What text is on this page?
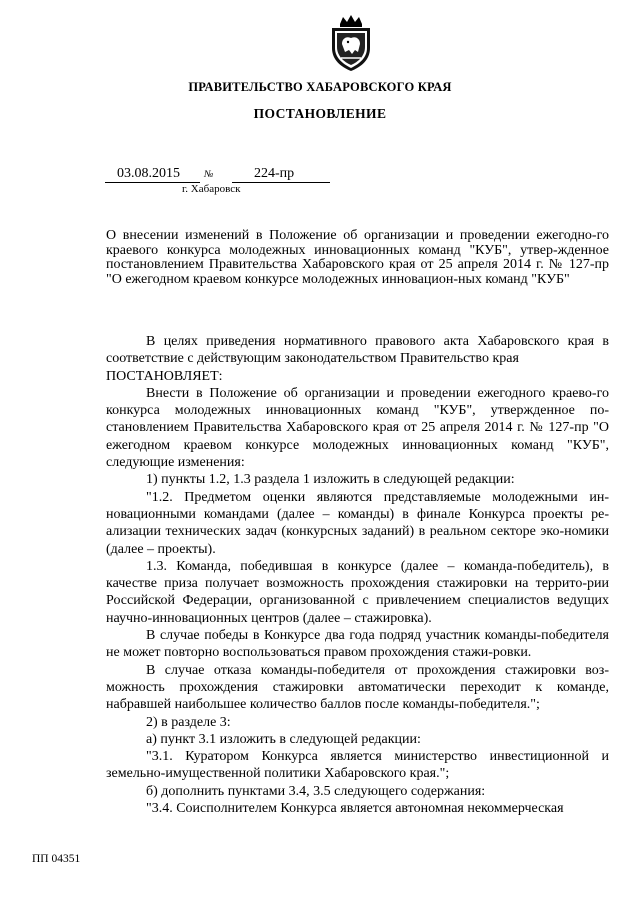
ПРАВИТЕЛЬСТВО ХАБАРОВСКОГО КРАЯ
ПОСТАНОВЛЕНИЕ
03.08.2015	№	224-пр
г. Хабаровск
О внесении изменений в Положение об организации и проведении ежегодно-го краевого конкурса молодежных инновационных команд "КУБ", утвер-жденное постановлением Правительства Хабаровского края от 25 апреля 2014 г. № 127-пр "О ежегодном краевом конкурсе молодежных инновацион-ных команд "КУБ"

В целях приведения нормативного правового акта Хабаровского края в соответствие с действующим законодательством Правительство края

ПОСТАНОВЛЯЕТ:

Внести в Положение об организации и проведении ежегодного краево-го конкурса молодежных инновационных команд "КУБ", утвержденное по-становлением Правительства Хабаровского края от 25 апреля 2014 г. № 127-пр "О ежегодном краевом конкурсе молодежных инновационных команд "КУБ", следующие изменения:

1) пункты 1.2, 1.3 раздела 1 изложить в следующей редакции:

"1.2. Предметом оценки являются представляемые молодежными ин-новационными командами (далее – команды) в финале Конкурса проекты ре-ализации технических задач (конкурсных заданий) в реальном секторе эко-номики (далее – проекты).

1.3. Команда, победившая в конкурсе (далее – команда-победитель), в качестве приза получает возможность прохождения стажировки на террито-рии Российской Федерации, организованной с привлечением специалистов ведущих научно-инновационных центров (далее – стажировка).

В случае победы в Конкурсе два года подряд участник команды-победителя не может повторно воспользоваться правом прохождения стажи-ровки.

В случае отказа команды-победителя от прохождения стажировки воз-можность прохождения стажировки автоматически переходит к команде, набравшей наибольшее количество баллов после команды-победителя.";

2) в разделе 3:

а) пункт 3.1 изложить в следующей редакции:

"3.1. Куратором Конкурса является министерство инвестиционной и земельно-имущественной политики Хабаровского края.";

б) дополнить пунктами 3.4, 3.5 следующего содержания:

"3.4. Соисполнителем Конкурса является автономная некоммерческая

ПП 04351
